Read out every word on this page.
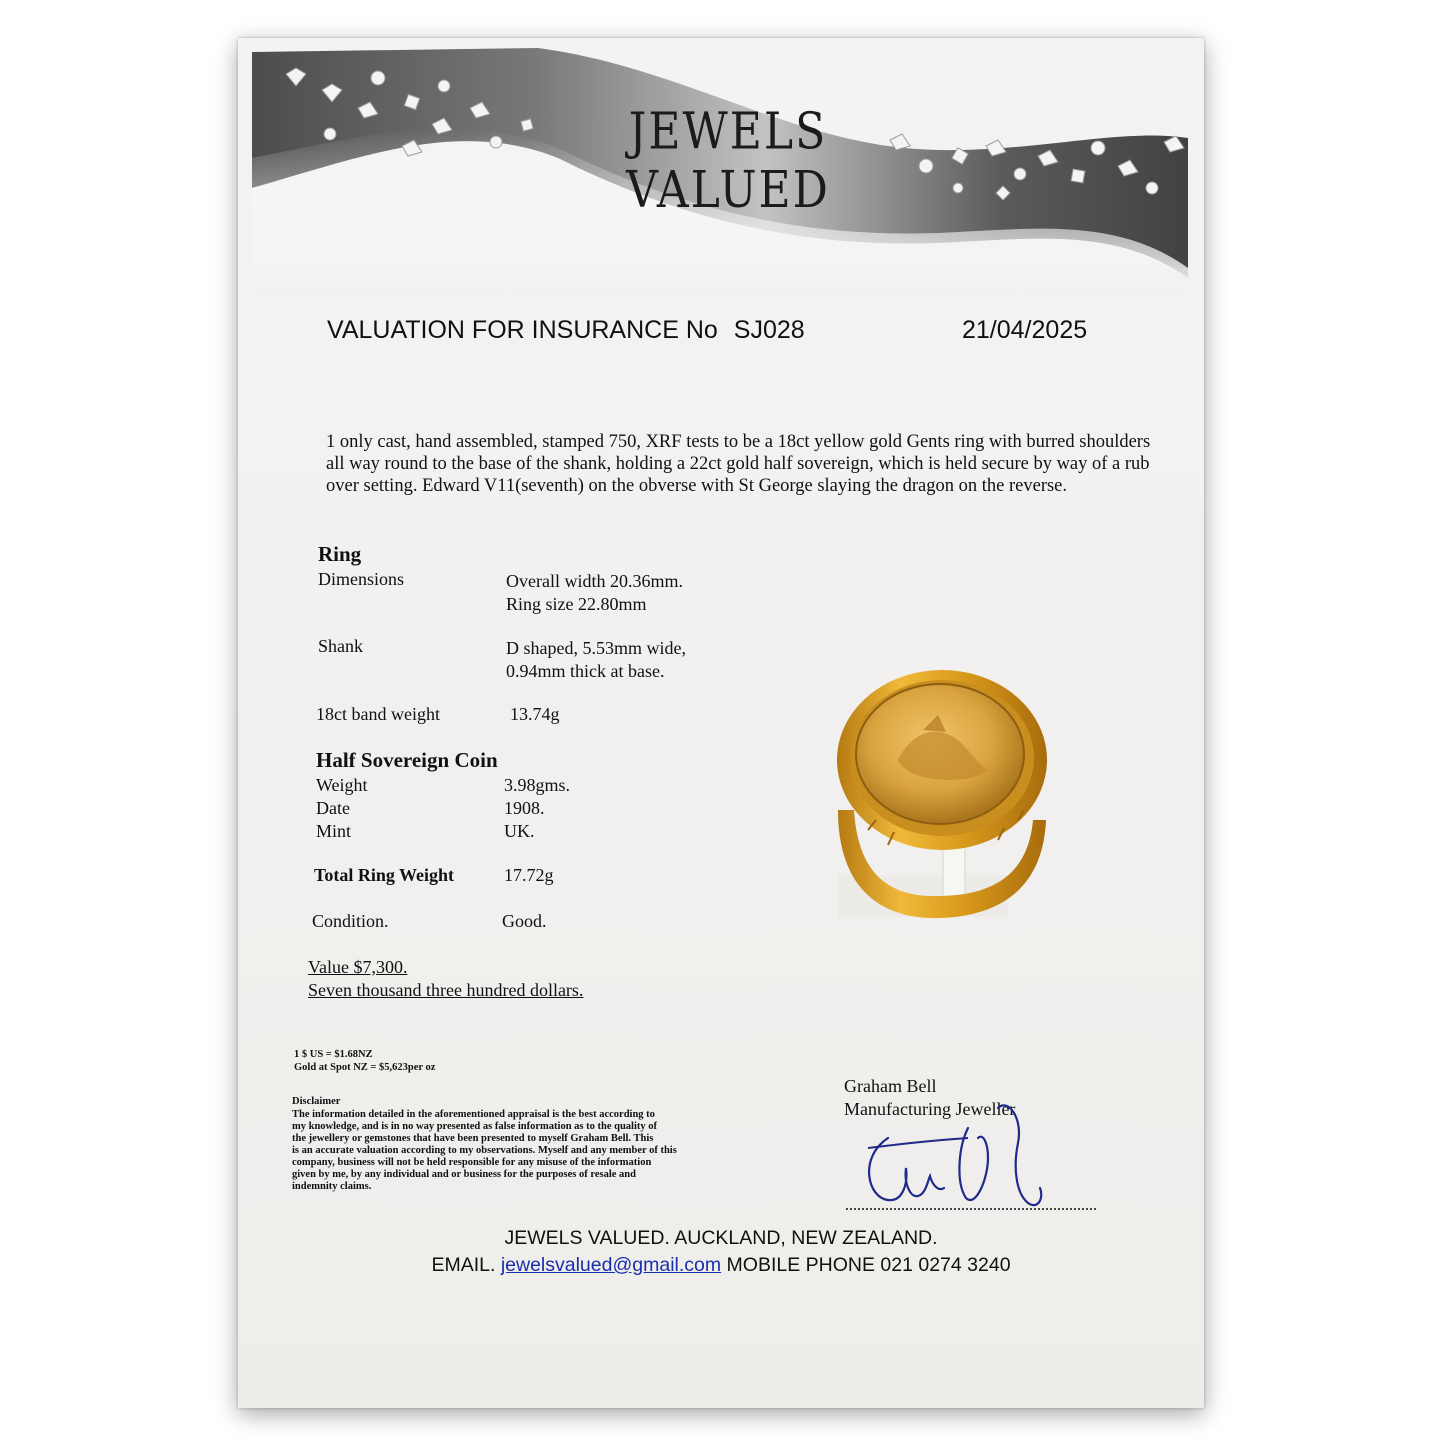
JEWELS VALUED

VALUATION FOR INSURANCE No SJ028	21/04/2025

1 only cast, hand assembled, stamped 750, XRF tests to be a 18ct yellow gold Gents ring with burred shoulders all way round to the base of the shank, holding a 22ct gold half sovereign, which is held secure by way of a rub over setting. Edward V11(seventh) on the obverse with St George slaying the dragon on the reverse.

Ring
Dimensions	Overall width 20.36mm.
Ring size 22.80mm
Shank	D shaped, 5.53mm wide,
0.94mm thick at base.
18ct band weight	13.74g
Half Sovereign Coin
Weight	3.98gms.
Date	1908.
Mint	UK.
Total Ring Weight	17.72g
Condition.	Good.
Value $7,300.
Seven thousand three hundred dollars.
1 $ US = $1.68NZ
Gold at Spot NZ = $5,623per oz
Disclaimer
The information detailed in the aforementioned appraisal is the best according to
my knowledge, and is in no way presented as false information as to the quality of
the jewellery or gemstones that have been presented to myself Graham Bell. This
is an accurate valuation according to my observations. Myself and any member of this
company, business will not be held responsible for any misuse of the information
given by me, by any individual and or business for the purposes of resale and
indemnity claims.
Graham Bell
Manufacturing Jeweller
JEWELS VALUED. AUCKLAND, NEW ZEALAND.
EMAIL. jewelsvalued@gmail.com MOBILE PHONE 021 0274 3240
